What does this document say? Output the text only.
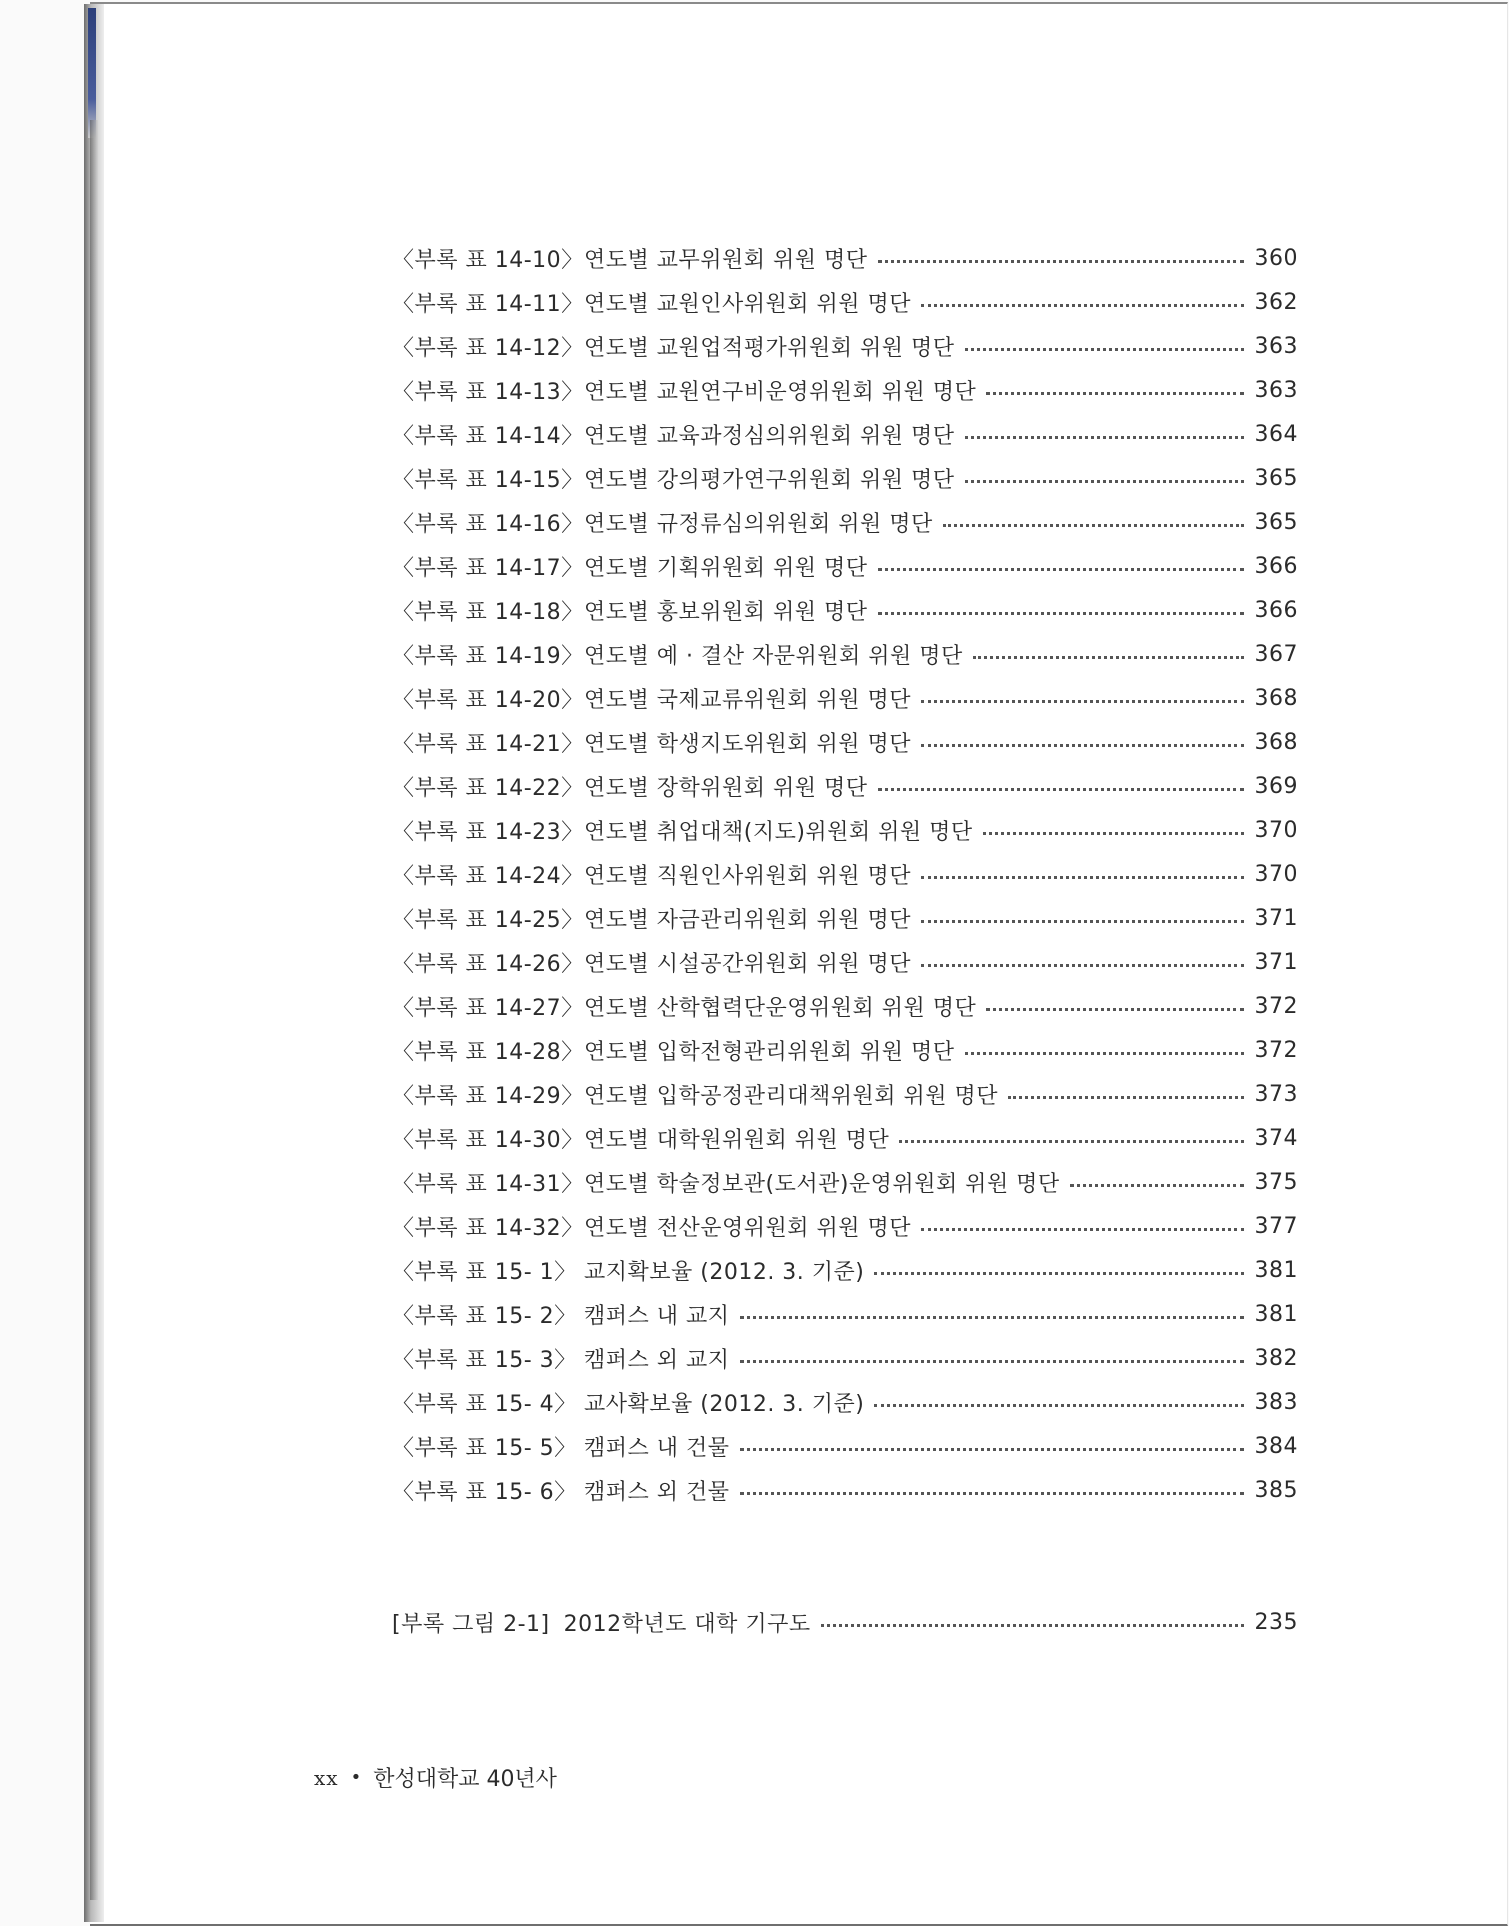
〈부록 표 14-10〉 연도별 교무위원회 위원 명단	360
〈부록 표 14-11〉 연도별 교원인사위원회 위원 명단	362
〈부록 표 14-12〉 연도별 교원업적평가위원회 위원 명단	363
〈부록 표 14-13〉 연도별 교원연구비운영위원회 위원 명단	363
〈부록 표 14-14〉 연도별 교육과정심의위원회 위원 명단	364
〈부록 표 14-15〉 연도별 강의평가연구위원회 위원 명단	365
〈부록 표 14-16〉 연도별 규정류심의위원회 위원 명단	365
〈부록 표 14-17〉 연도별 기획위원회 위원 명단	366
〈부록 표 14-18〉 연도별 홍보위원회 위원 명단	366
〈부록 표 14-19〉 연도별 예 · 결산 자문위원회 위원 명단	367
〈부록 표 14-20〉 연도별 국제교류위원회 위원 명단	368
〈부록 표 14-21〉 연도별 학생지도위원회 위원 명단	368
〈부록 표 14-22〉 연도별 장학위원회 위원 명단	369
〈부록 표 14-23〉 연도별 취업대책(지도)위원회 위원 명단	370
〈부록 표 14-24〉 연도별 직원인사위원회 위원 명단	370
〈부록 표 14-25〉 연도별 자금관리위원회 위원 명단	371
〈부록 표 14-26〉 연도별 시설공간위원회 위원 명단	371
〈부록 표 14-27〉 연도별 산학협력단운영위원회 위원 명단	372
〈부록 표 14-28〉 연도별 입학전형관리위원회 위원 명단	372
〈부록 표 14-29〉 연도별 입학공정관리대책위원회 위원 명단	373
〈부록 표 14-30〉 연도별 대학원위원회 위원 명단	374
〈부록 표 14-31〉 연도별 학술정보관(도서관)운영위원회 위원 명단	375
〈부록 표 14-32〉 연도별 전산운영위원회 위원 명단	377
〈부록 표 15- 1〉 교지확보율 (2012. 3. 기준)	381
〈부록 표 15- 2〉 캠퍼스 내 교지	381
〈부록 표 15- 3〉 캠퍼스 외 교지	382
〈부록 표 15- 4〉 교사확보율 (2012. 3. 기준)	383
〈부록 표 15- 5〉 캠퍼스 내 건물	384
〈부록 표 15- 6〉 캠퍼스 외 건물	385
[부록 그림 2-1] 2012학년도 대학 기구도	235
xx • 한성대학교 40년사
